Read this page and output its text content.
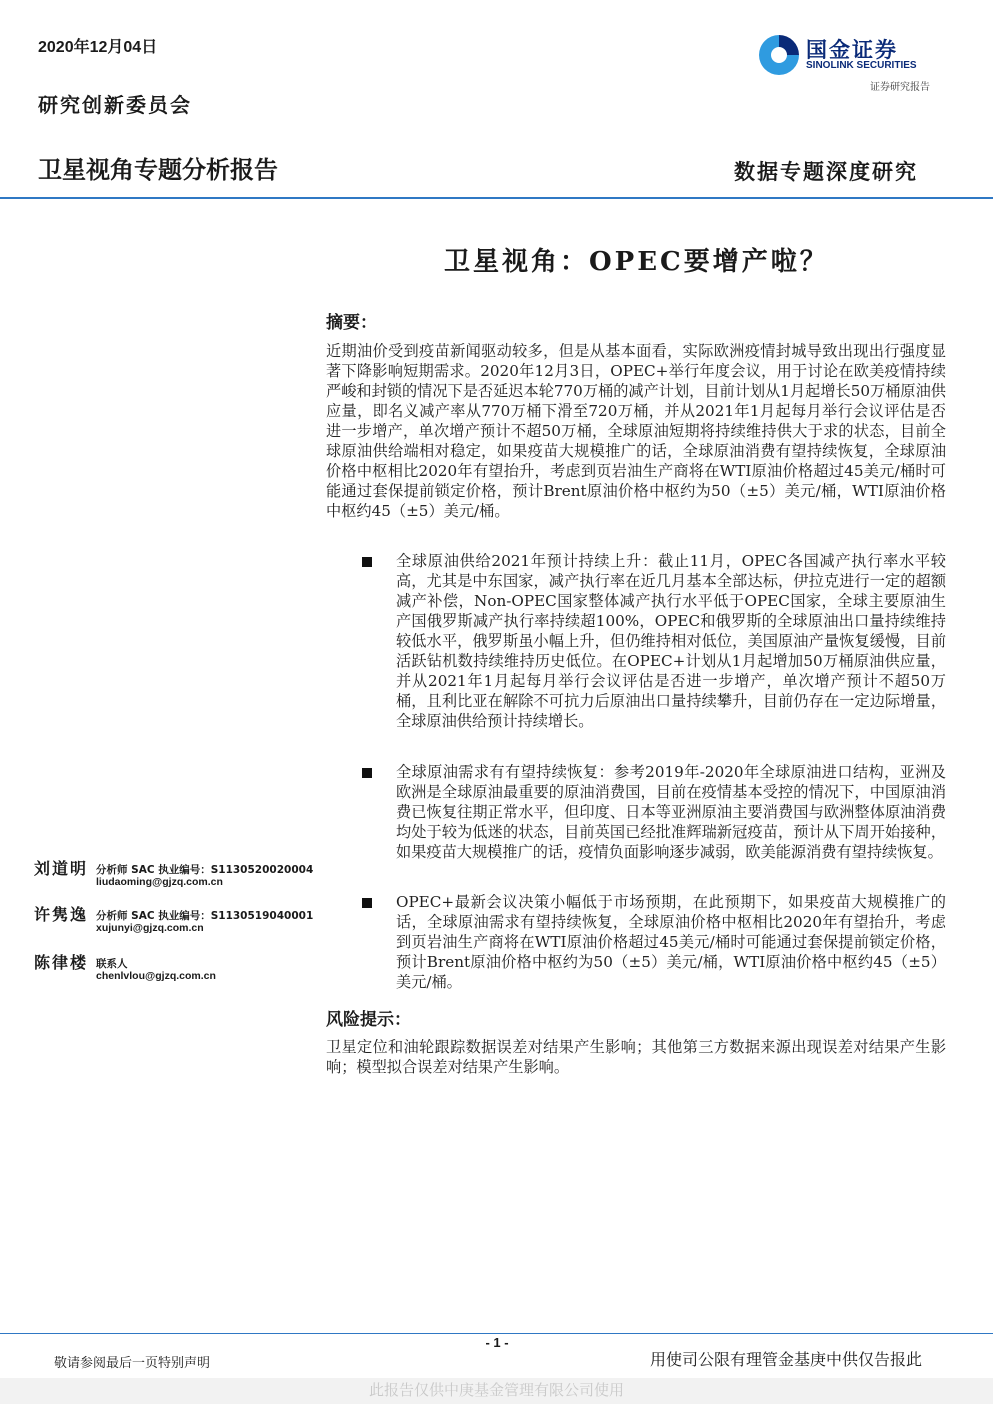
2020年12月04日
研究创新委员会
卫星视角专题分析报告
国金证券
SINOLINK SECURITIES
证券研究报告
数据专题深度研究
卫星视角：OPEC要增产啦？
摘要：
近期油价受到疫苗新闻驱动较多，但是从基本面看，实际欧洲疫情封城导致出现出行强度显著下降影响短期需求。2020年12月3日，OPEC+举行年度会议，用于讨论在欧美疫情持续严峻和封锁的情况下是否延迟本轮770万桶的减产计划，目前计划从1月起增长50万桶原油供应量，即名义减产率从770万桶下滑至720万桶，并从2021年1月起每月举行会议评估是否进一步增产，单次增产预计不超50万桶，全球原油短期将持续维持供大于求的状态，目前全球原油供给端相对稳定，如果疫苗大规模推广的话，全球原油消费有望持续恢复，全球原油价格中枢相比2020年有望抬升，考虑到页岩油生产商将在WTI原油价格超过45美元/桶时可能通过套保提前锁定价格，预计Brent原油价格中枢约为50（±5）美元/桶，WTI原油价格中枢约45（±5）美元/桶。
全球原油供给2021年预计持续上升：截止11月，OPEC各国减产执行率水平较高，尤其是中东国家，减产执行率在近几月基本全部达标，伊拉克进行一定的超额减产补偿，Non-OPEC国家整体减产执行水平低于OPEC国家，全球主要原油生产国俄罗斯减产执行率持续超100%，OPEC和俄罗斯的全球原油出口量持续维持较低水平，俄罗斯虽小幅上升，但仍维持相对低位，美国原油产量恢复缓慢，目前活跃钻机数持续维持历史低位。在OPEC+计划从1月起增加50万桶原油供应量，并从2021年1月起每月举行会议评估是否进一步增产，单次增产预计不超50万桶，且利比亚在解除不可抗力后原油出口量持续攀升，目前仍存在一定边际增量，全球原油供给预计持续增长。
全球原油需求有有望持续恢复：参考2019年-2020年全球原油进口结构，亚洲及欧洲是全球原油最重要的原油消费国，目前在疫情基本受控的情况下，中国原油消费已恢复往期正常水平，但印度、日本等亚洲原油主要消费国与欧洲整体原油消费均处于较为低迷的状态，目前英国已经批准辉瑞新冠疫苗，预计从下周开始接种，如果疫苗大规模推广的话，疫情负面影响逐步减弱，欧美能源消费有望持续恢复。
OPEC+最新会议决策小幅低于市场预期，在此预期下，如果疫苗大规模推广的话，全球原油需求有望持续恢复，全球原油价格中枢相比2020年有望抬升，考虑到页岩油生产商将在WTI原油价格超过45美元/桶时可能通过套保提前锁定价格，预计Brent原油价格中枢约为50（±5）美元/桶，WTI原油价格中枢约45（±5）美元/桶。
风险提示：
卫星定位和油轮跟踪数据误差对结果产生影响；其他第三方数据来源出现误差对结果产生影响；模型拟合误差对结果产生影响。
刘道明 分析师 SAC 执业编号：S1130520020004
liudaoming@gjzq.com.cn
许隽逸 分析师 SAC 执业编号：S1130519040001
xujunyi@gjzq.com.cn
陈律楼 联系人
chenlvlou@gjzq.com.cn
- 1 -
敬请参阅最后一页特别声明	用使司公限有理管金基庚中供仅告报此
此报告仅供中庚基金管理有限公司使用
